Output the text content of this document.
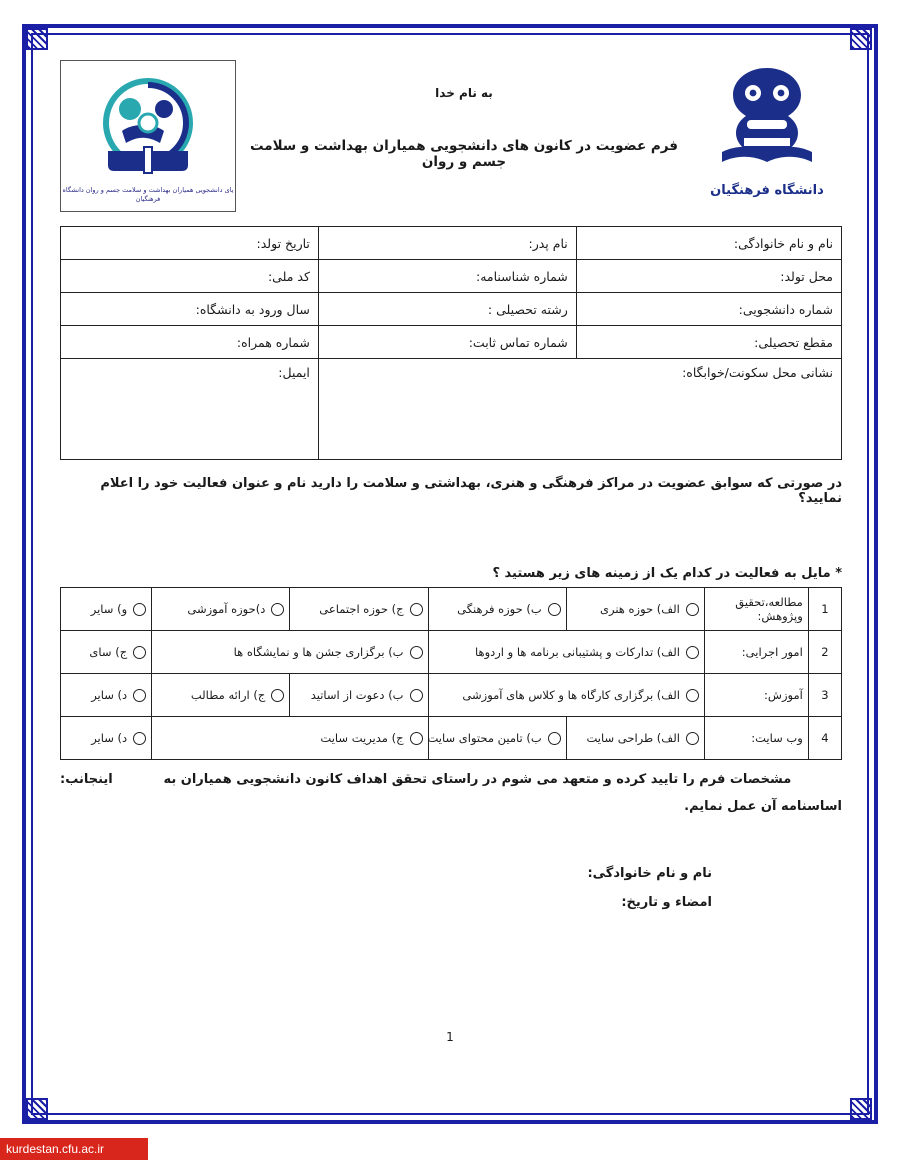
دانشگاه فرهنگیان
به نام خدا
فرم عضویت در کانون های دانشجویی همیاران بهداشت و سلامت جسم و روان
یای دانشجویی همیاران بهداشت و سلامت جسم و روان دانشگاه فرهنگیان
نام و نام خانوادگی:	نام پدر:	تاریخ تولد:
محل تولد:	شماره شناسنامه:	کد ملی:
شماره دانشجویی:	رشته تحصیلی :	سال ورود به دانشگاه:
مقطع تحصیلی:	شماره تماس ثابت:	شماره همراه:
نشانی محل سکونت/خوابگاه:		ایمیل:
در صورتی که سوابق عضویت در مراکز فرهنگی و هنری، بهداشتی و سلامت را دارید نام و عنوان فعالیت خود را اعلام نمایید؟
* مایل به فعالیت در کدام یک از زمینه های زیر هستید ؟
1	مطالعه،تحقیق وپژوهش:	الف) حوزه هنری	ب) حوزه فرهنگی	ج) حوزه اجتماعی	د)حوزه آموزشی	و) سایر

2	امور اجرایی:	الف) تدارکات و پشتیبانی برنامه ها و اردوها		ب) برگزاری جشن ها و نمایشگاه ها		ج) سای

3	آموزش:	الف) برگزاری کارگاه ها و کلاس های آموزشی		ب) دعوت از اساتید	ج) ارائه مطالب	د) سایر

4	وب سایت:	الف) طراحی سایت	ب) تامین محتوای سایت	ج) مدیریت سایت		د) سایر
مشخصات فرم را تایید کرده و متعهد می شوم در راستای تحقق اهداف کانون دانشجویی همیاران به
اینجانب:
اساسنامه آن عمل نمایم.
نام و نام خانوادگی:
امضاء و تاریخ:
1
kurdestan.cfu.ac.ir
